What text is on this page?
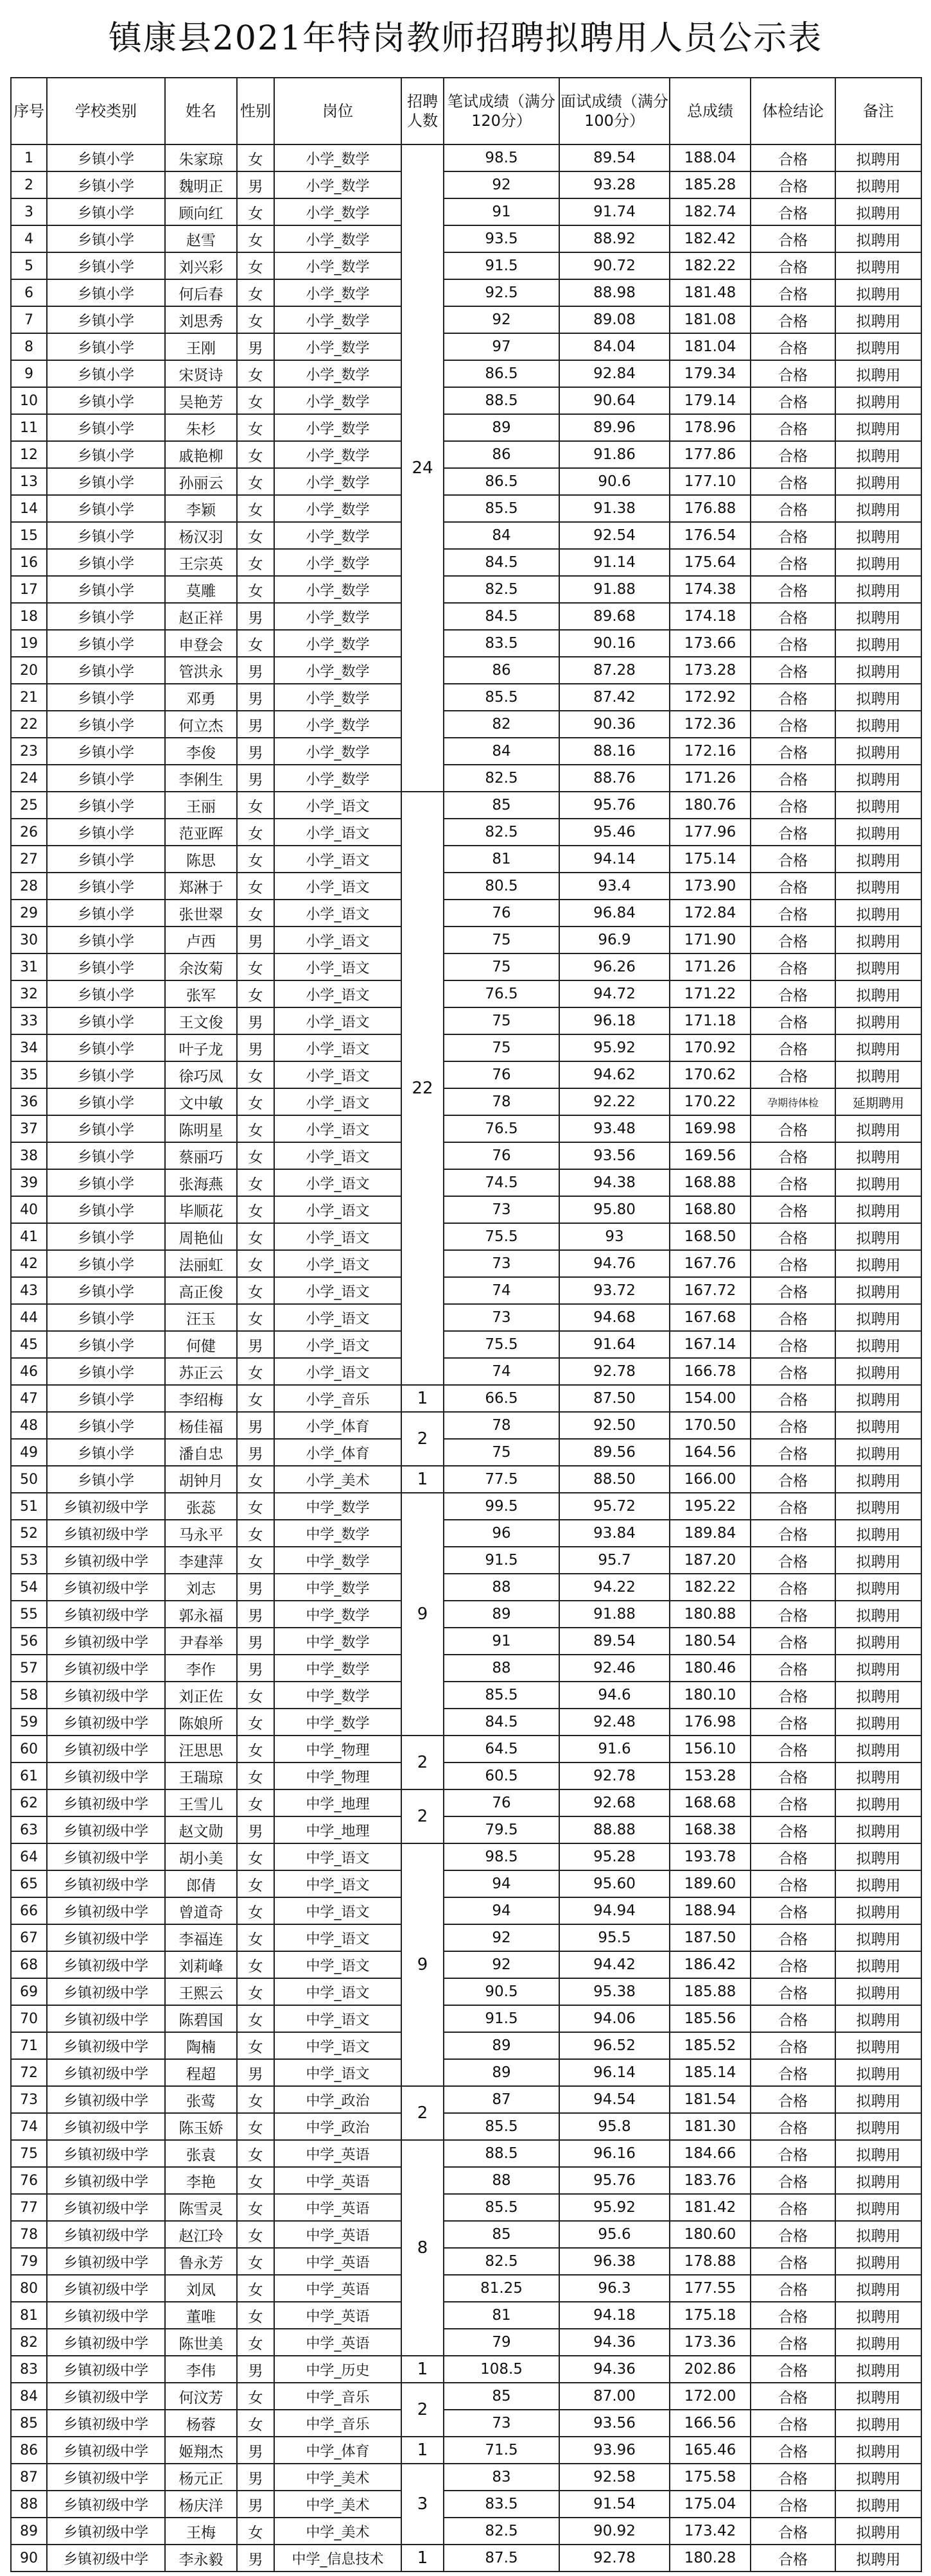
镇康县2021年特岗教师招聘拟聘用人员公示表
序号	学校类别	姓名	性别	岗位	招聘人数	笔试成绩（满分120分）	面试成绩（满分100分）	总成绩	体检结论	备注
1	乡镇小学	朱家琼	女	小学_数学	24	98.5	89.54	188.04	合格	拟聘用
2	乡镇小学	魏明正	男	小学_数学		92	93.28	185.28	合格	拟聘用
3	乡镇小学	顾向红	女	小学_数学		91	91.74	182.74	合格	拟聘用
4	乡镇小学	赵雪	女	小学_数学		93.5	88.92	182.42	合格	拟聘用
5	乡镇小学	刘兴彩	女	小学_数学		91.5	90.72	182.22	合格	拟聘用
6	乡镇小学	何后春	女	小学_数学		92.5	88.98	181.48	合格	拟聘用
7	乡镇小学	刘思秀	女	小学_数学		92	89.08	181.08	合格	拟聘用
8	乡镇小学	王刚	男	小学_数学		97	84.04	181.04	合格	拟聘用
9	乡镇小学	宋贤诗	女	小学_数学		86.5	92.84	179.34	合格	拟聘用
10	乡镇小学	吴艳芳	女	小学_数学		88.5	90.64	179.14	合格	拟聘用
11	乡镇小学	朱杉	女	小学_数学		89	89.96	178.96	合格	拟聘用
12	乡镇小学	戚艳柳	女	小学_数学		86	91.86	177.86	合格	拟聘用
13	乡镇小学	孙丽云	女	小学_数学		86.5	90.6	177.10	合格	拟聘用
14	乡镇小学	李颖	女	小学_数学		85.5	91.38	176.88	合格	拟聘用
15	乡镇小学	杨汉羽	女	小学_数学		84	92.54	176.54	合格	拟聘用
16	乡镇小学	王宗英	女	小学_数学		84.5	91.14	175.64	合格	拟聘用
17	乡镇小学	莫雕	女	小学_数学		82.5	91.88	174.38	合格	拟聘用
18	乡镇小学	赵正祥	男	小学_数学		84.5	89.68	174.18	合格	拟聘用
19	乡镇小学	申登会	女	小学_数学		83.5	90.16	173.66	合格	拟聘用
20	乡镇小学	管洪永	男	小学_数学		86	87.28	173.28	合格	拟聘用
21	乡镇小学	邓勇	男	小学_数学		85.5	87.42	172.92	合格	拟聘用
22	乡镇小学	何立杰	男	小学_数学		82	90.36	172.36	合格	拟聘用
23	乡镇小学	李俊	男	小学_数学		84	88.16	172.16	合格	拟聘用
24	乡镇小学	李俐生	男	小学_数学		82.5	88.76	171.26	合格	拟聘用
25	乡镇小学	王丽	女	小学_语文	22	85	95.76	180.76	合格	拟聘用
26	乡镇小学	范亚晖	女	小学_语文		82.5	95.46	177.96	合格	拟聘用
27	乡镇小学	陈思	女	小学_语文		81	94.14	175.14	合格	拟聘用
28	乡镇小学	郑淋于	女	小学_语文		80.5	93.4	173.90	合格	拟聘用
29	乡镇小学	张世翠	女	小学_语文		76	96.84	172.84	合格	拟聘用
30	乡镇小学	卢西	男	小学_语文		75	96.9	171.90	合格	拟聘用
31	乡镇小学	余汝菊	女	小学_语文		75	96.26	171.26	合格	拟聘用
32	乡镇小学	张军	女	小学_语文		76.5	94.72	171.22	合格	拟聘用
33	乡镇小学	王文俊	男	小学_语文		75	96.18	171.18	合格	拟聘用
34	乡镇小学	叶子龙	男	小学_语文		75	95.92	170.92	合格	拟聘用
35	乡镇小学	徐巧凤	女	小学_语文		76	94.62	170.62	合格	拟聘用
36	乡镇小学	文中敏	女	小学_语文		78	92.22	170.22	孕期待体检	延期聘用
37	乡镇小学	陈明星	女	小学_语文		76.5	93.48	169.98	合格	拟聘用
38	乡镇小学	蔡丽巧	女	小学_语文		76	93.56	169.56	合格	拟聘用
39	乡镇小学	张海燕	女	小学_语文		74.5	94.38	168.88	合格	拟聘用
40	乡镇小学	毕顺花	女	小学_语文		73	95.80	168.80	合格	拟聘用
41	乡镇小学	周艳仙	女	小学_语文		75.5	93	168.50	合格	拟聘用
42	乡镇小学	法丽虹	女	小学_语文		73	94.76	167.76	合格	拟聘用
43	乡镇小学	高正俊	女	小学_语文		74	93.72	167.72	合格	拟聘用
44	乡镇小学	汪玉	女	小学_语文		73	94.68	167.68	合格	拟聘用
45	乡镇小学	何健	男	小学_语文		75.5	91.64	167.14	合格	拟聘用
46	乡镇小学	苏正云	女	小学_语文		74	92.78	166.78	合格	拟聘用
47	乡镇小学	李绍梅	女	小学_音乐	1	66.5	87.50	154.00	合格	拟聘用
48	乡镇小学	杨佳福	男	小学_体育	2	78	92.50	170.50	合格	拟聘用
49	乡镇小学	潘自忠	男	小学_体育		75	89.56	164.56	合格	拟聘用
50	乡镇小学	胡钟月	女	小学_美术	1	77.5	88.50	166.00	合格	拟聘用
51	乡镇初级中学	张蕊	女	中学_数学	9	99.5	95.72	195.22	合格	拟聘用
52	乡镇初级中学	马永平	女	中学_数学		96	93.84	189.84	合格	拟聘用
53	乡镇初级中学	李建萍	女	中学_数学		91.5	95.7	187.20	合格	拟聘用
54	乡镇初级中学	刘志	男	中学_数学		88	94.22	182.22	合格	拟聘用
55	乡镇初级中学	郭永福	男	中学_数学		89	91.88	180.88	合格	拟聘用
56	乡镇初级中学	尹春举	男	中学_数学		91	89.54	180.54	合格	拟聘用
57	乡镇初级中学	李作	男	中学_数学		88	92.46	180.46	合格	拟聘用
58	乡镇初级中学	刘正佐	女	中学_数学		85.5	94.6	180.10	合格	拟聘用
59	乡镇初级中学	陈娘所	女	中学_数学		84.5	92.48	176.98	合格	拟聘用
60	乡镇初级中学	汪思思	女	中学_物理	2	64.5	91.6	156.10	合格	拟聘用
61	乡镇初级中学	王瑞琼	女	中学_物理		60.5	92.78	153.28	合格	拟聘用
62	乡镇初级中学	王雪儿	女	中学_地理	2	76	92.68	168.68	合格	拟聘用
63	乡镇初级中学	赵文勋	男	中学_地理		79.5	88.88	168.38	合格	拟聘用
64	乡镇初级中学	胡小美	女	中学_语文	9	98.5	95.28	193.78	合格	拟聘用
65	乡镇初级中学	郎倩	女	中学_语文		94	95.60	189.60	合格	拟聘用
66	乡镇初级中学	曾道奇	女	中学_语文		94	94.94	188.94	合格	拟聘用
67	乡镇初级中学	李福连	女	中学_语文		92	95.5	187.50	合格	拟聘用
68	乡镇初级中学	刘莉峰	女	中学_语文		92	94.42	186.42	合格	拟聘用
69	乡镇初级中学	王熙云	女	中学_语文		90.5	95.38	185.88	合格	拟聘用
70	乡镇初级中学	陈碧国	女	中学_语文		91.5	94.06	185.56	合格	拟聘用
71	乡镇初级中学	陶楠	女	中学_语文		89	96.52	185.52	合格	拟聘用
72	乡镇初级中学	程超	男	中学_语文		89	96.14	185.14	合格	拟聘用
73	乡镇初级中学	张莺	女	中学_政治	2	87	94.54	181.54	合格	拟聘用
74	乡镇初级中学	陈玉娇	女	中学_政治		85.5	95.8	181.30	合格	拟聘用
75	乡镇初级中学	张袁	女	中学_英语	8	88.5	96.16	184.66	合格	拟聘用
76	乡镇初级中学	李艳	女	中学_英语		88	95.76	183.76	合格	拟聘用
77	乡镇初级中学	陈雪灵	女	中学_英语		85.5	95.92	181.42	合格	拟聘用
78	乡镇初级中学	赵江玲	女	中学_英语		85	95.6	180.60	合格	拟聘用
79	乡镇初级中学	鲁永芳	女	中学_英语		82.5	96.38	178.88	合格	拟聘用
80	乡镇初级中学	刘凤	女	中学_英语		81.25	96.3	177.55	合格	拟聘用
81	乡镇初级中学	董唯	女	中学_英语		81	94.18	175.18	合格	拟聘用
82	乡镇初级中学	陈世美	女	中学_英语		79	94.36	173.36	合格	拟聘用
83	乡镇初级中学	李伟	男	中学_历史	1	108.5	94.36	202.86	合格	拟聘用
84	乡镇初级中学	何汶芳	女	中学_音乐	2	85	87.00	172.00	合格	拟聘用
85	乡镇初级中学	杨蓉	女	中学_音乐		73	93.56	166.56	合格	拟聘用
86	乡镇初级中学	姬翔杰	男	中学_体育	1	71.5	93.96	165.46	合格	拟聘用
87	乡镇初级中学	杨元正	男	中学_美术	3	83	92.58	175.58	合格	拟聘用
88	乡镇初级中学	杨庆洋	男	中学_美术		83.5	91.54	175.04	合格	拟聘用
89	乡镇初级中学	王梅	女	中学_美术		82.5	90.92	173.42	合格	拟聘用
90	乡镇初级中学	李永毅	男	中学_信息技术	1	87.5	92.78	180.28	合格	拟聘用
